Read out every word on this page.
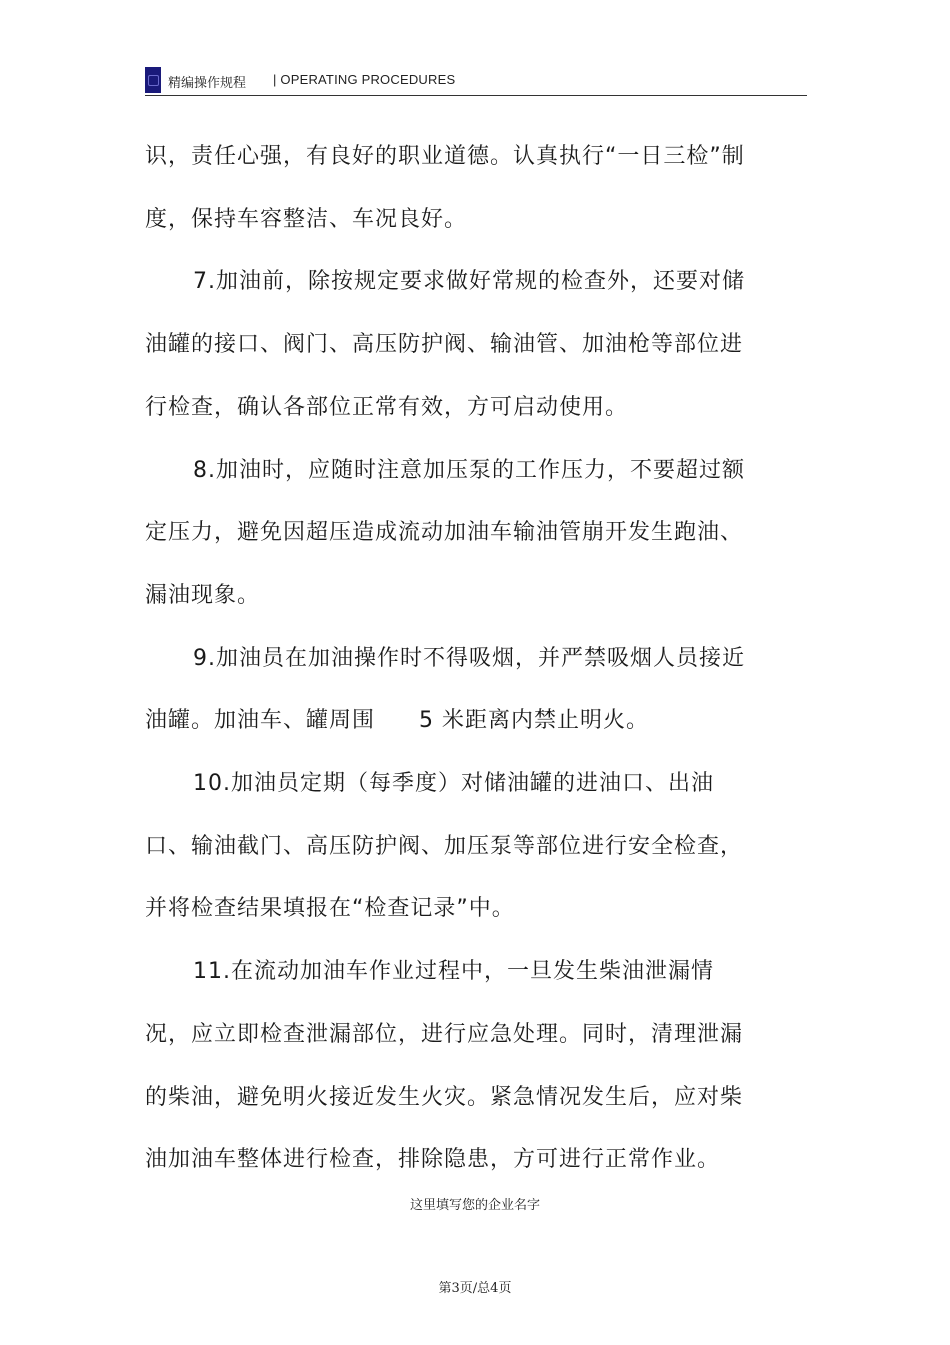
精编操作规程 | OPERATING PROCEDURES

识，责任心强，有良好的职业道德。认真执行“一日三检”制度，保持车容整洁、车况良好。

7.加油前，除按规定要求做好常规的检查外，还要对储油罐的接口、阀门、高压防护阀、输油管、加油枪等部位进行检查，确认各部位正常有效，方可启动使用。

8.加油时，应随时注意加压泵的工作压力，不要超过额定压力，避免因超压造成流动加油车输油管崩开发生跑油、漏油现象。

9.加油员在加油操作时不得吸烟，并严禁吸烟人员接近油罐。加油车、罐周围 5 米距离内禁止明火。

10.加油员定期（每季度）对储油罐的进油口、出油口、输油截门、高压防护阀、加压泵等部位进行安全检查，并将检查结果填报在“检查记录”中。

11.在流动加油车作业过程中，一旦发生柴油泄漏情况，应立即检查泄漏部位，进行应急处理。同时，清理泄漏的柴油，避免明火接近发生火灾。紧急情况发生后，应对柴油加油车整体进行检查，排除隐患，方可进行正常作业。

这里填写您的企业名字
第3页/总4页
